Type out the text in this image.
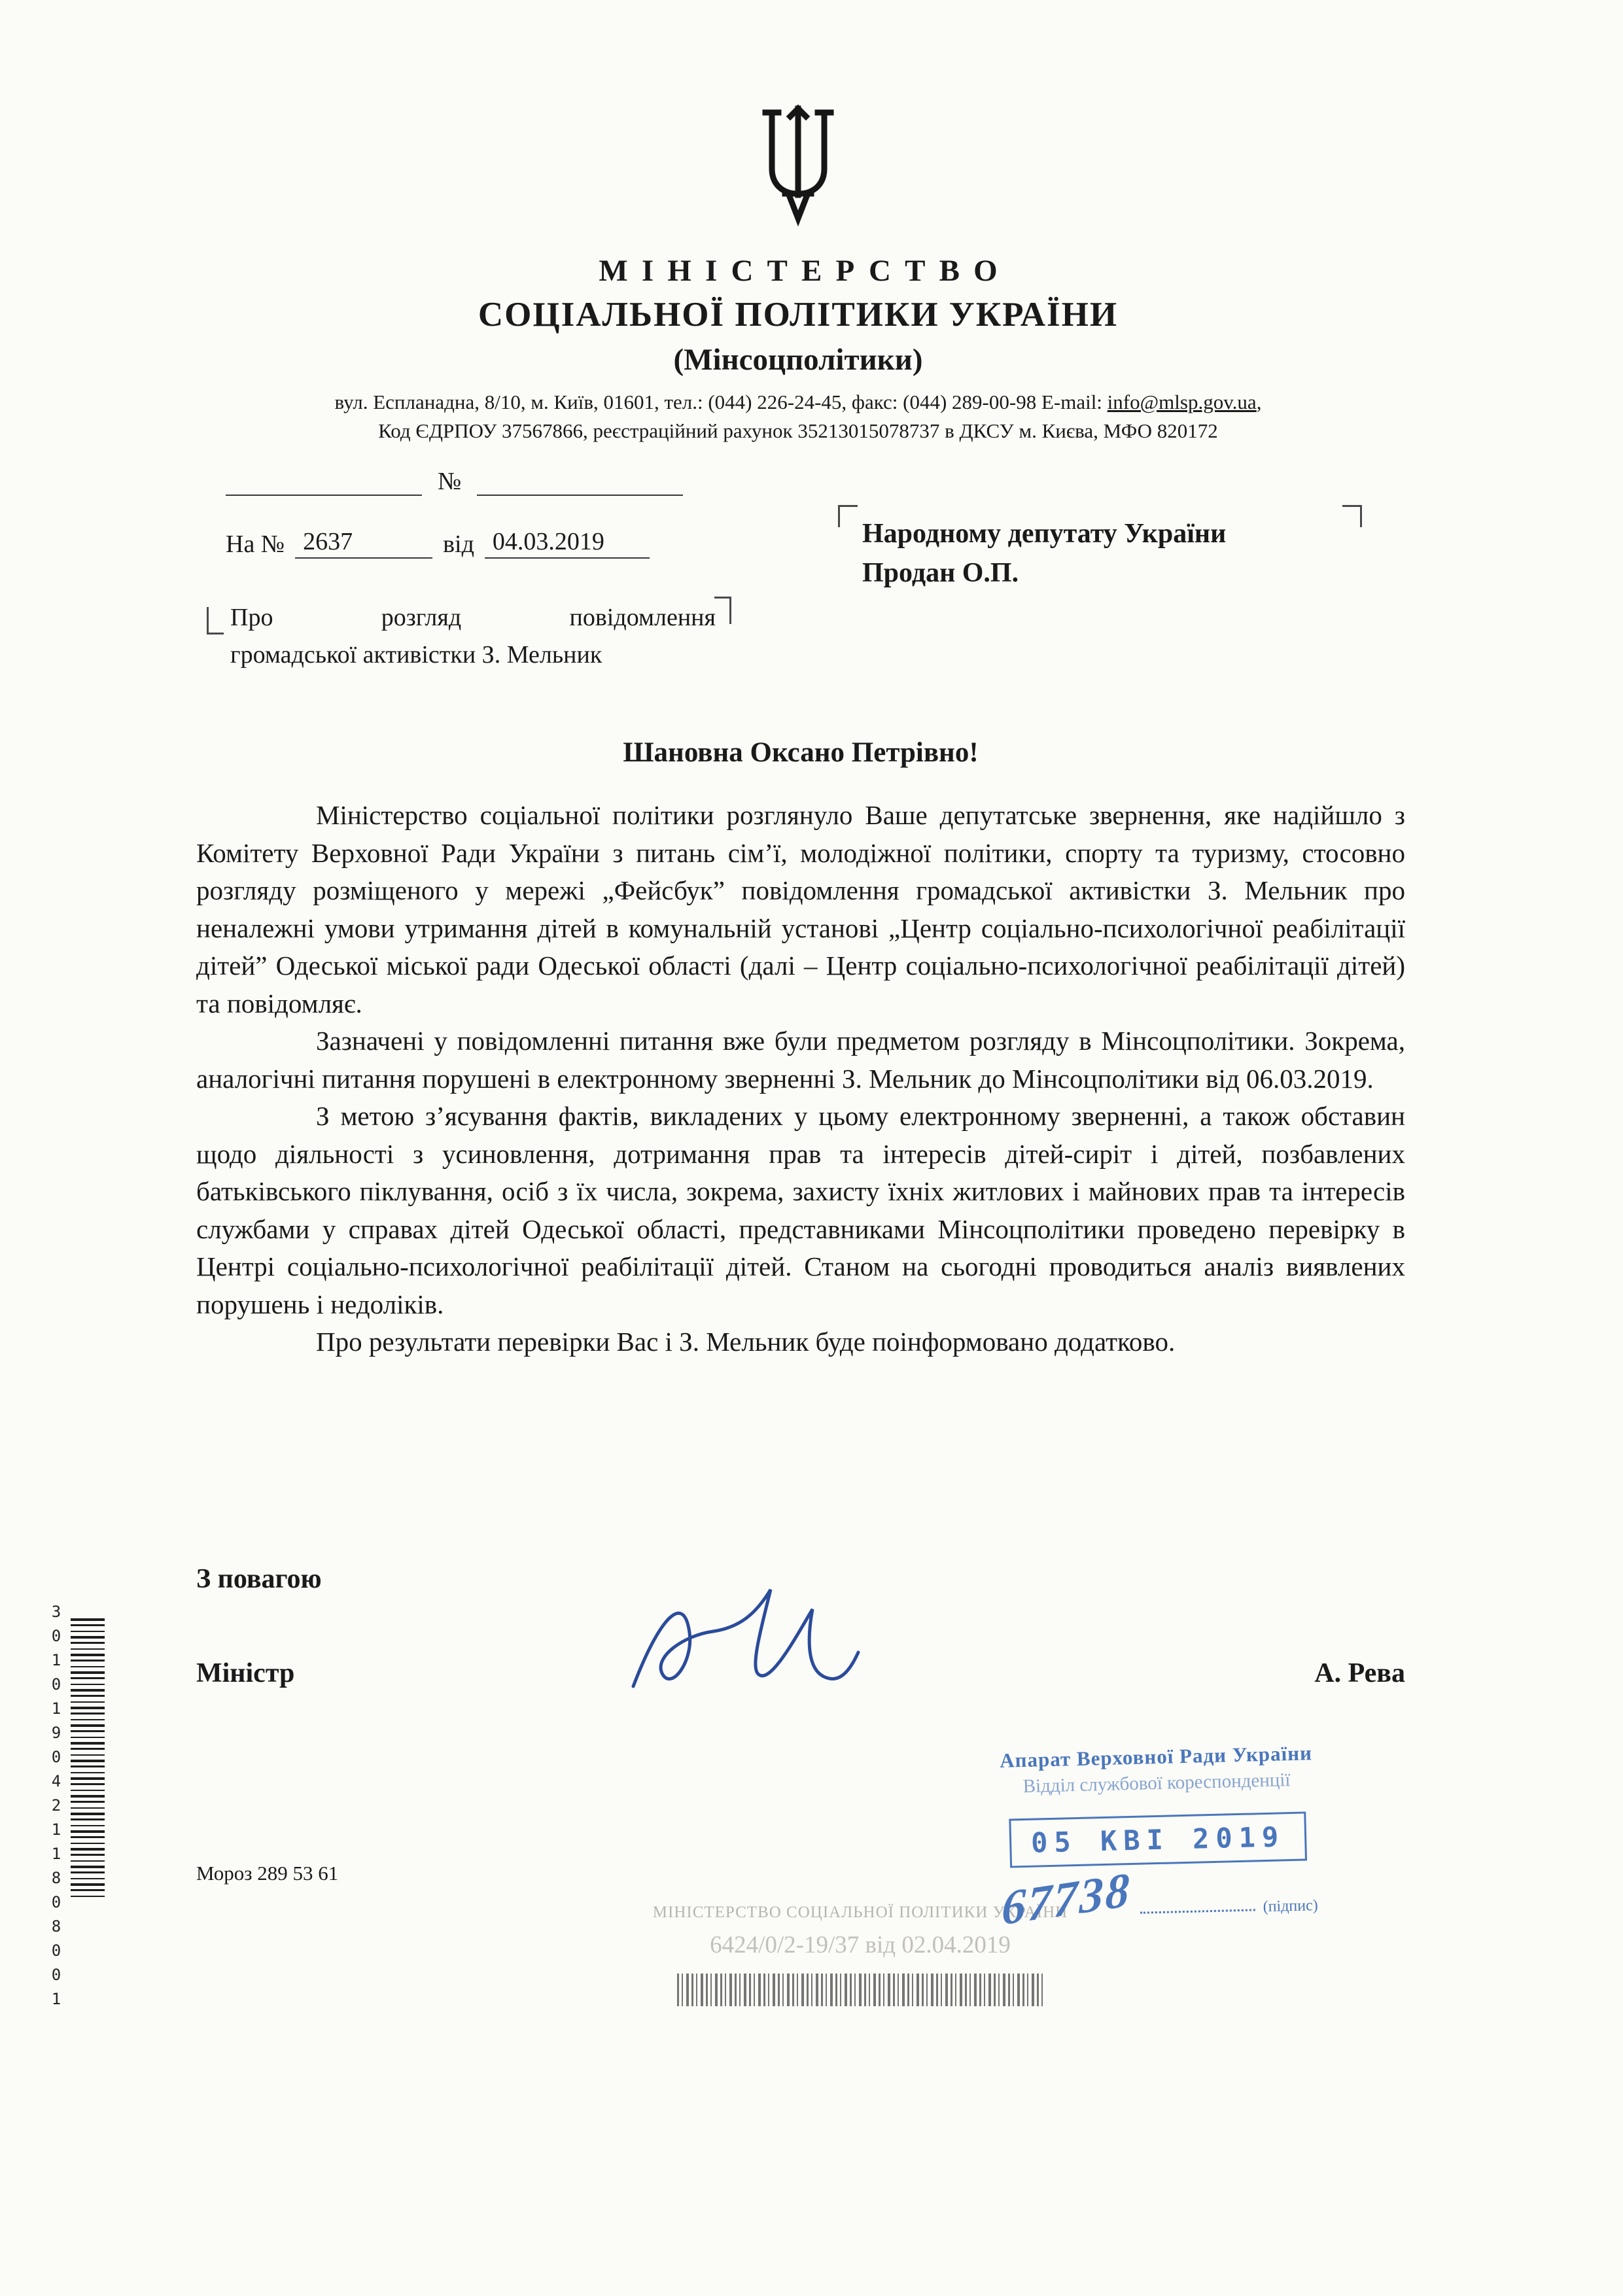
МІНІСТЕРСТВО
СОЦІАЛЬНОЇ ПОЛІТИКИ УКРАЇНИ
(Мінсоцполітики)
вул. Еспланадна, 8/10, м. Київ, 01601, тел.: (044) 226-24-45, факс: (044) 289-00-98 E-mail: info@mlsp.gov.ua,
Код ЄДРПОУ 37567866, реєстраційний рахунок 35213015078737 в ДКСУ м. Києва, МФО 820172
№
На № 2637	від 04.03.2019	Народному депутату України
Продан О.П.
Про розгляд повідомлення
громадської активістки З. Мельник
Шановна Оксано Петрівно!

Міністерство соціальної політики розглянуло Ваше депутатське звернення, яке надійшло з Комітету Верховної Ради України з питань сім’ї, молодіжної політики, спорту та туризму, стосовно розгляду розміщеного у мережі „Фейсбук” повідомлення громадської активістки З. Мельник про неналежні умови утримання дітей в комунальній установі „Центр соціально-психологічної реабілітації дітей” Одеської міської ради Одеської області (далі – Центр соціально-психологічної реабілітації дітей) та повідомляє.

Зазначені у повідомленні питання вже були предметом розгляду в Мінсоцполітики. Зокрема, аналогічні питання порушені в електронному зверненні З. Мельник до Мінсоцполітики від 06.03.2019.

З метою з’ясування фактів, викладених у цьому електронному зверненні, а також обставин щодо діяльності з усиновлення, дотримання прав та інтересів дітей-сиріт і дітей, позбавлених батьківського піклування, осіб з їх числа, зокрема, захисту їхніх житлових і майнових прав та інтересів службами у справах дітей Одеської області, представниками Мінсоцполітики проведено перевірку в Центрі соціально-психологічної реабілітації дітей. Станом на сьогодні проводиться аналіз виявлених порушень і недоліків.

Про результати перевірки Вас і З. Мельник буде поінформовано додатково.

З повагою
Міністр	А. Рева
30101904211808001	Мороз 289 53 61
МІНІСТЕРСТВО СОЦІАЛЬНОЇ ПОЛІТИКИ УКРАЇНИ
6424/0/2-19/37 від 02.04.2019
Апарат Верховної Ради України
Відділ службової кореспонденції
05 КВІ 2019
67738	(підпис)
